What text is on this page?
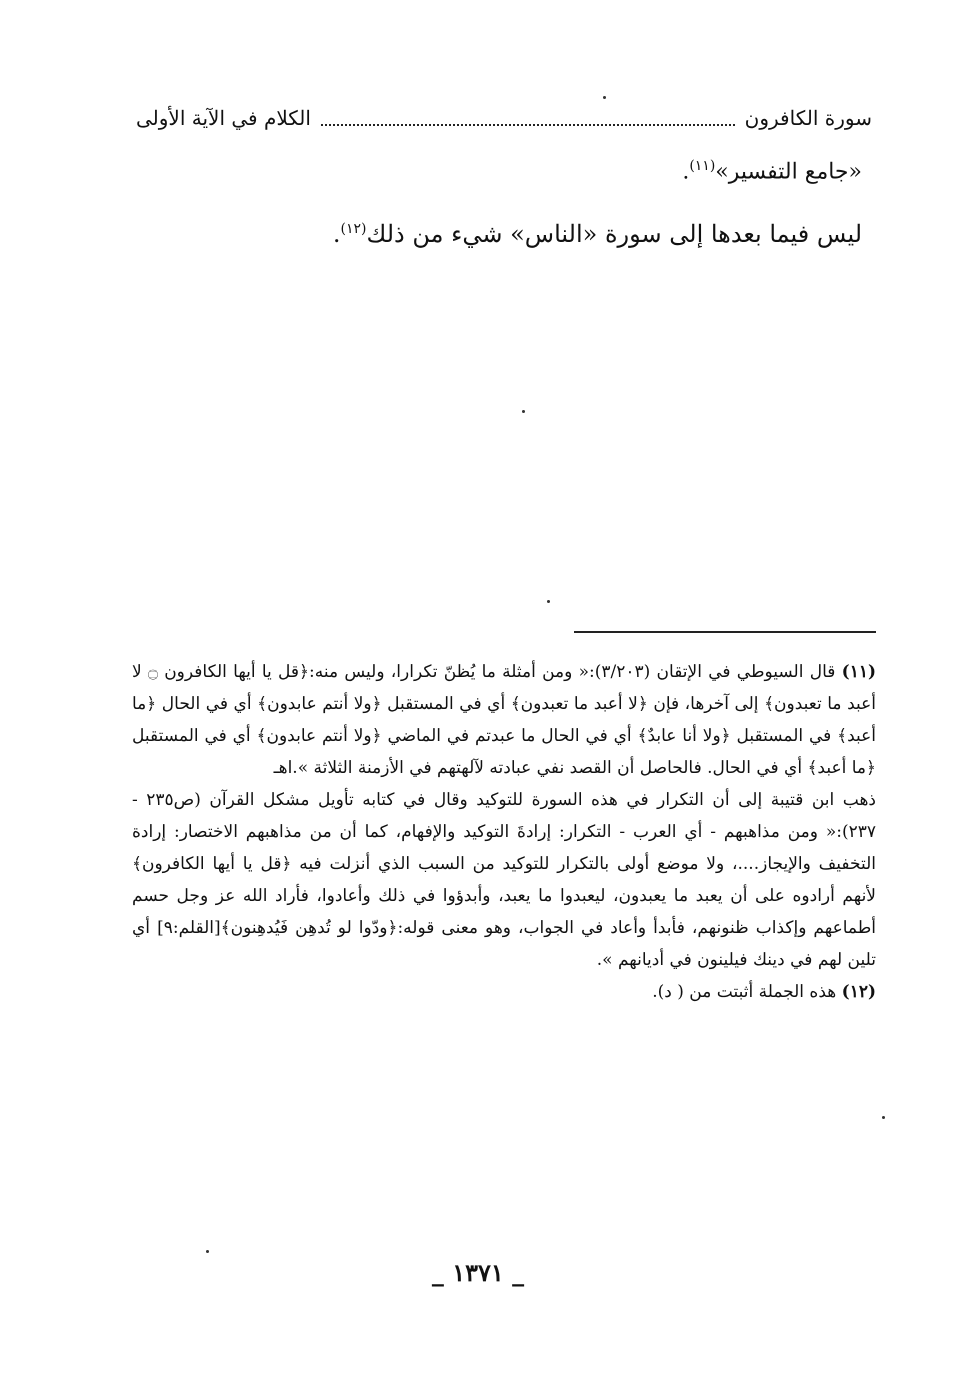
سورة الكافرون
الكلام في الآية الأولى
«جامع التفسير»$^{(١١)}$.
ليس فيما بعدها إلى سورة «الناس» شيء من ذلك$^{(١٢)}$.

(١١) قال السيوطي في الإتقان (٣/٢٠٣):« ومن أمثلة ما يُظنّ تكرارا، وليس منه:﴿قل يا أيها الكافرون ۝ لا أعبد ما تعبدون﴾ إلى آخرها، فإن ﴿لا أعبد ما تعبدون﴾ أي في المستقبل ﴿ولا أنتم عابدون﴾ أي في الحال ﴿ما أعبد﴾ في المستقبل ﴿ولا أنا عابدٌ﴾ أي في الحال ما عبدتم في الماضي ﴿ولا أنتم عابدون﴾ أي في المستقبل ﴿ما أعبد﴾ أي في الحال. فالحاصل أن القصد نفي عبادته لآلهتهم في الأزمنة الثلاثة ».اهـ

ذهب ابن قتيبة إلى أن التكرار في هذه السورة للتوكيد وقال في كتابه تأويل مشكل القرآن (ص٢٣٥ - ٢٣٧):« ومن مذاهبهم - أي العرب - التكرار: إرادةَ التوكيد والإفهام، كما أن من مذاهبهم الاختصار: إرادة التخفيف والإيجاز....، ولا موضع أولى بالتكرار للتوكيد من السبب الذي أنزلت فيه ﴿قل يا أيها الكافرون﴾ لأنهم أرادوه على أن يعبد ما يعبدون، ليعبدوا ما يعبد، وأبدؤوا في ذلك وأعادوا، فأراد الله عز وجل حسم أطماعهم وإكذاب ظنونهم، فأبدأ وأعاد في الجواب، وهو معنى قوله:﴿ودّوا لو تُدهِن فَيُدهِنون﴾[القلم:٩] أي تلين لهم في دينك فيلينون في أديانهم ».

(١٢) هذه الجملة أثبتت من ( د).

_ ١٣٧١ _
